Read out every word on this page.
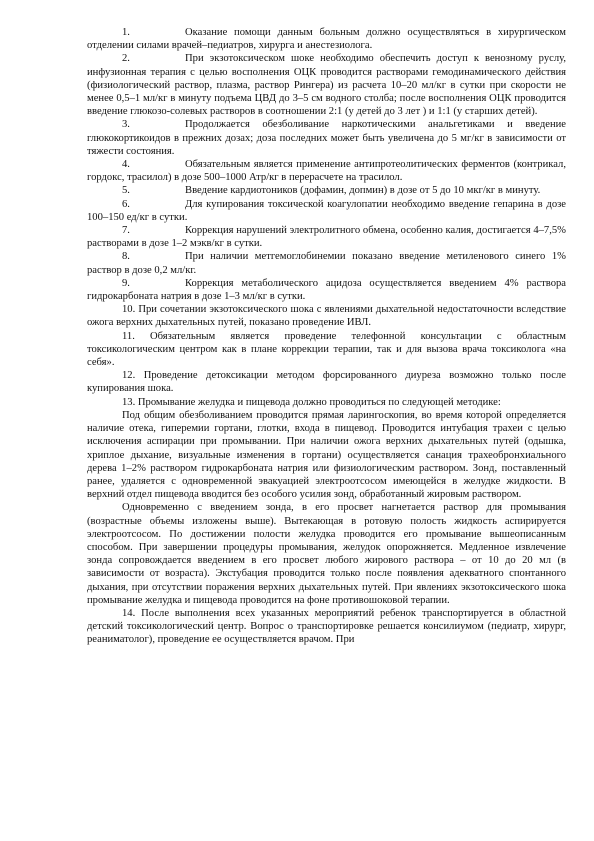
1.	Оказание помощи данным больным должно осуществляться в хирургическом отделении силами врачей–педиатров, хирурга и анестезиолога.

2.	При экзотоксическом шоке необходимо обеспечить доступ к венозному руслу, инфузионная терапия с целью восполнения ОЦК проводится растворами гемодинамического действия (физиологический раствор, плазма, раствор Рингера) из расчета 10–20 мл/кг в сутки при скорости не менее 0,5–1 мл/кг в минуту подъема ЦВД до 3–5 см водного столба; после восполнения ОЦК проводится введение глюкозо-солевых растворов в соотношении 2:1 (у детей до 3 лет ) и 1:1 (у старших детей).

3.	Продолжается обезболивание наркотическими анальгетиками и введение глюкокортикоидов в прежних дозах; доза последних может быть увеличена до 5 мг/кг в зависимости от тяжести состояния.

4.	Обязательным является применение антипротеолитических ферментов (контрикал, гордокс, трасилол) в дозе 500–1000 Атр/кг в перерасчете на трасилол.

5.	Введение кардиотоников (дофамин, допмин) в дозе от 5 до 10 мкг/кг в минуту.

6.	Для купирования токсической коагулопатии необходимо введение гепарина в дозе 100–150 ед/кг в сутки.

7.	Коррекция нарушений электролитного обмена, особенно калия, достигается 4–7,5% растворами в дозе 1–2 мэкв/кг в сутки.

8.	При наличии метгемоглобинемии показано введение метиленового синего 1% раствор в дозе 0,2 мл/кг.

9.	Коррекция метаболического ацидоза осуществляется введением 4% раствора гидрокарбоната натрия в дозе 1–3 мл/кг в сутки.

10. При сочетании экзотоксического шока с явлениями дыхательной недостаточности вследствие ожога верхних дыхательных путей, показано проведение ИВЛ.

11. Обязательным является проведение телефонной консультации с областным токсикологическим центром как в плане коррекции терапии, так и для вызова врача токсиколога «на себя».

12. Проведение детоксикации методом форсированного диуреза возможно только после купирования шока.

13. Промывание желудка и пищевода должно проводиться по следующей методике:

Под общим обезболиванием проводится прямая ларингоскопия, во время которой определяется наличие отека, гиперемии гортани, глотки, входа в пищевод. Проводится интубация трахеи с целью исключения аспирации при промывании. При наличии ожога верхних дыхательных путей (одышка, хриплое дыхание, визуальные изменения в гортани) осуществляется санация трахеобронхиального дерева 1–2% раствором гидрокарбоната натрия или физиологическим раствором. Зонд, поставленный ранее, удаляется с одновременной эвакуацией электроотсосом имеющейся в желудке жидкости. В верхний отдел пищевода вводится без особого усилия зонд, обработанный жировым раствором.

Одновременно с введением зонда, в его просвет нагнетается раствор для промывания (возрастные объемы изложены выше). Вытекающая в ротовую полость жидкость аспирируется электроотсосом. По достижении полости желудка проводится его промывание вышеописанным способом. При завершении процедуры промывания, желудок опорожняется. Медленное извлечение зонда сопровождается введением в его просвет любого жирового раствора – от 10 до 20 мл (в зависимости от возраста). Экстубация проводится только после появления адекватного спонтанного дыхания, при отсутствии поражения верхних дыхательных путей. При явлениях экзотоксического шока промывание желудка и пищевода проводится на фоне противошоковой терапии.

14. После выполнения всех указанных мероприятий ребенок транспортируется в областной детский токсикологический центр. Вопрос о транспортировке решается консилиумом (педиатр, хирург, реаниматолог), проведение ее осуществляется врачом. При
